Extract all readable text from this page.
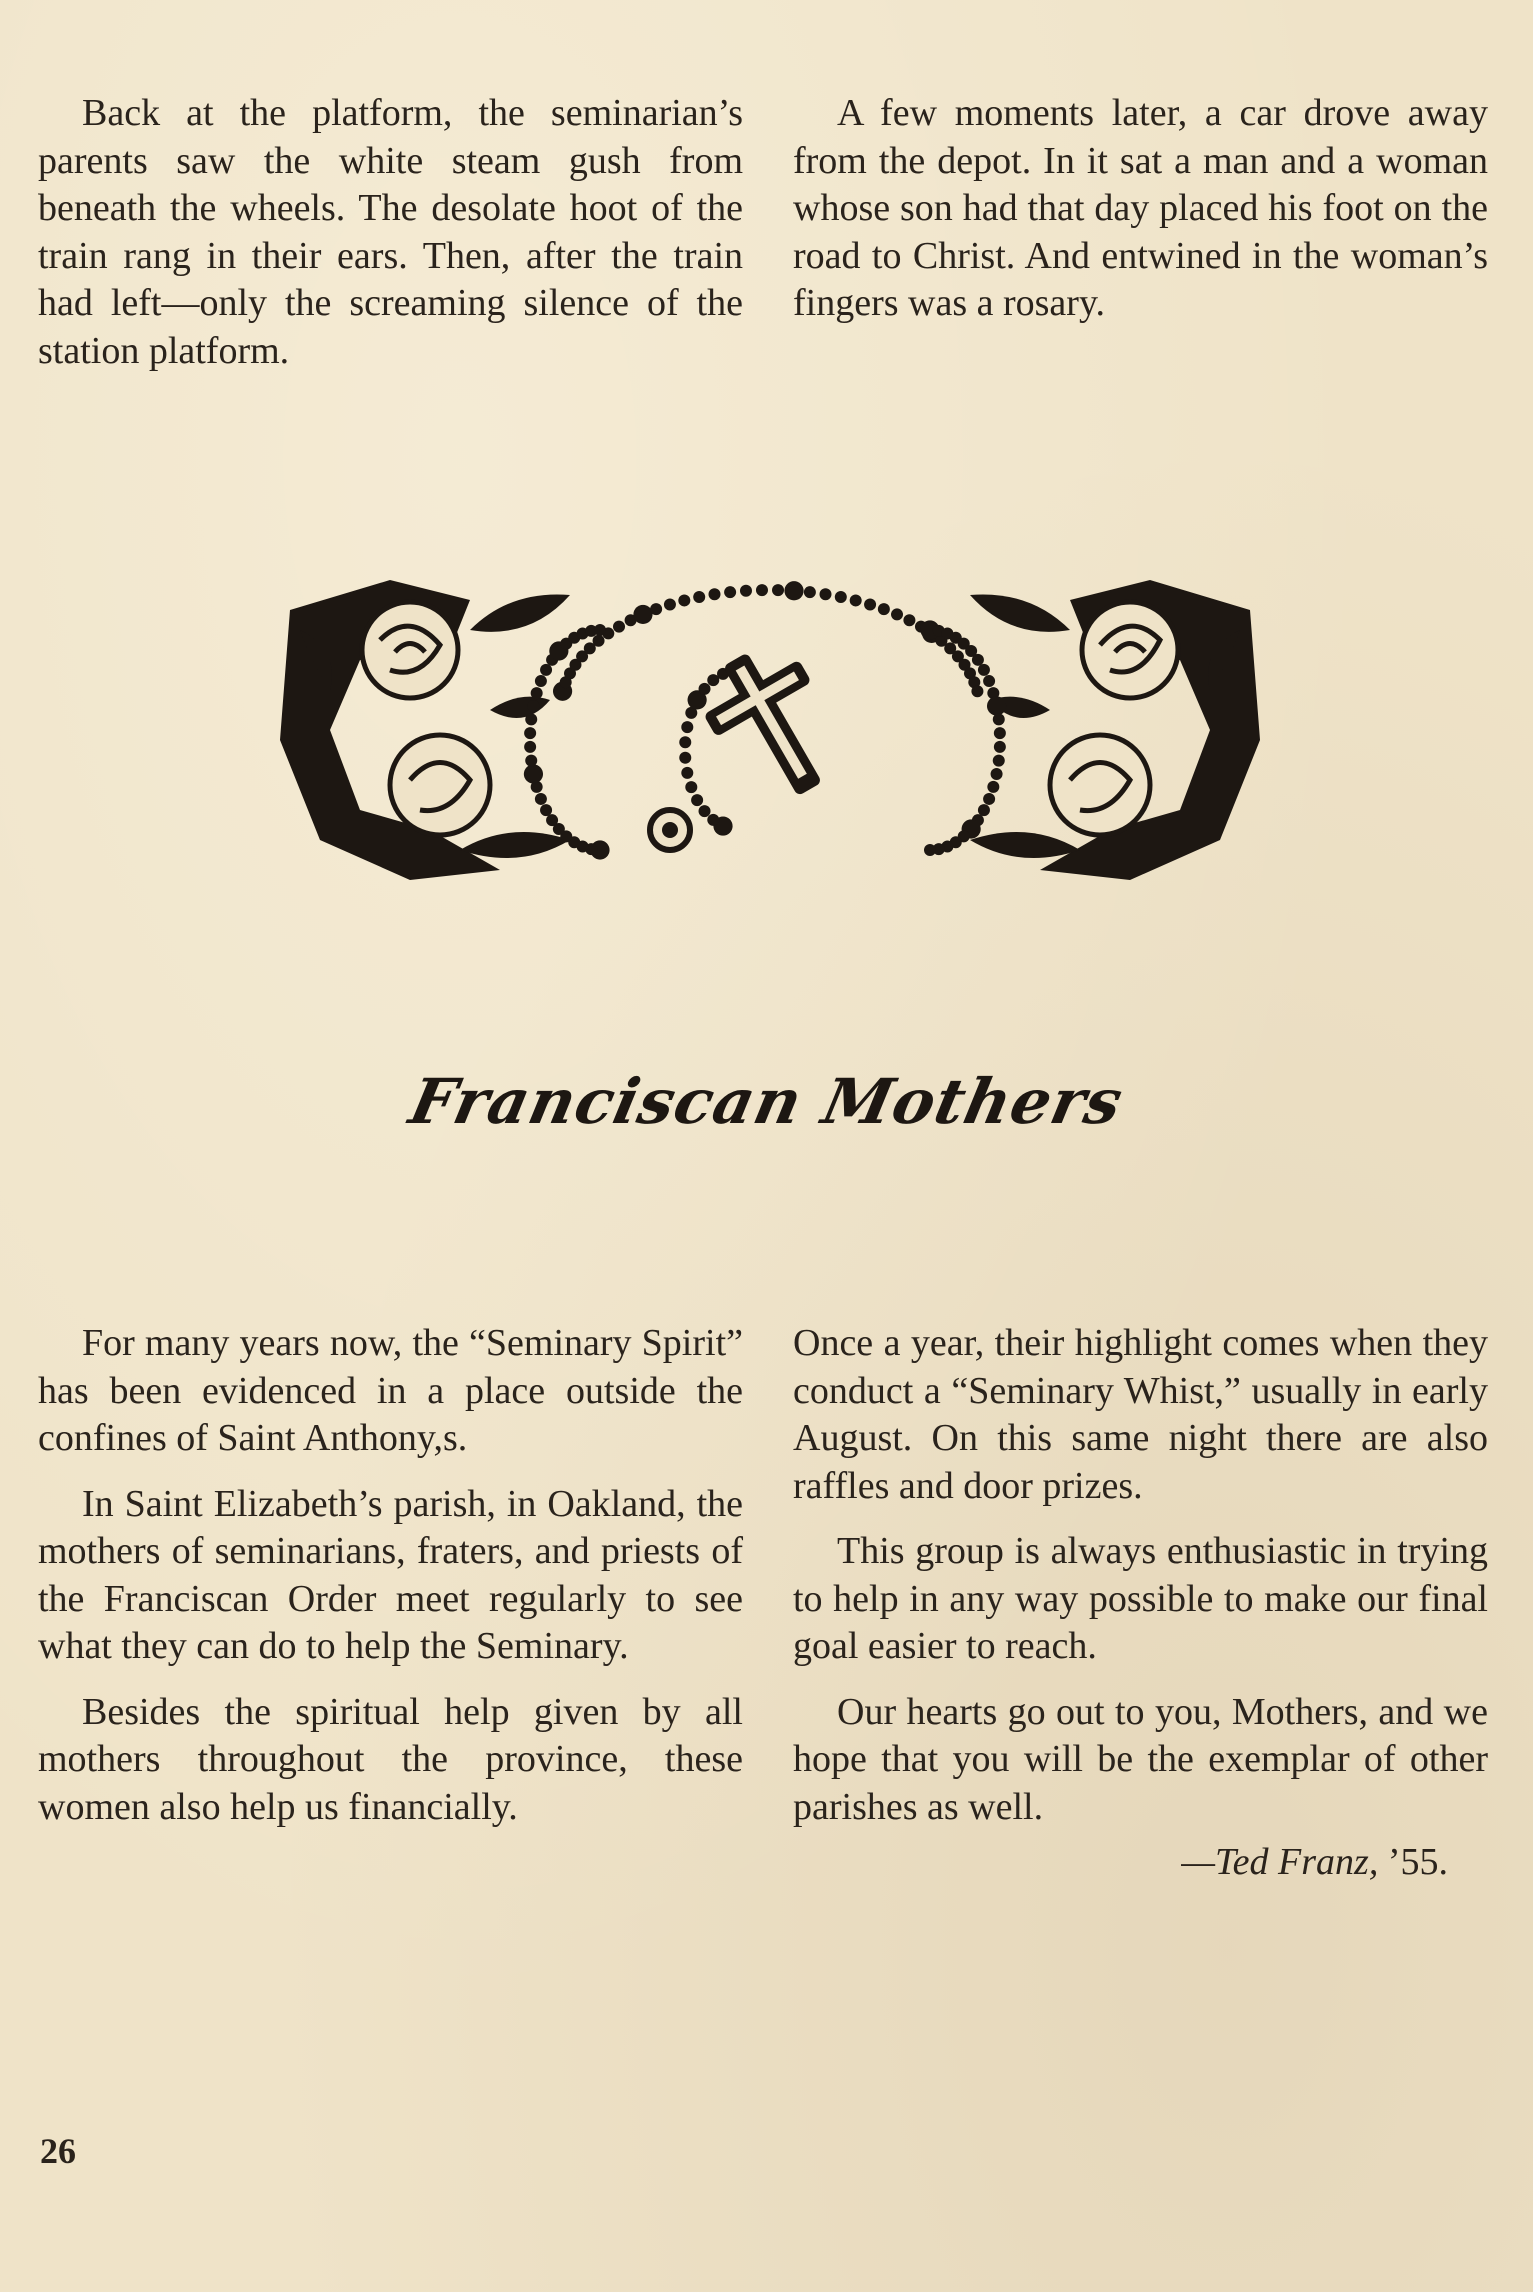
Back at the platform, the seminarian’s parents saw the white steam gush from beneath the wheels. The desolate hoot of the train rang in their ears. Then, after the train had left—only the screaming silence of the station platform.

A few moments later, a car drove away from the depot. In it sat a man and a woman whose son had that day placed his foot on the road to Christ. And entwined in the woman’s fingers was a rosary.

Franciscan Mothers

For many years now, the “Seminary Spirit” has been evidenced in a place outside the confines of Saint Anthony,s.

In Saint Elizabeth’s parish, in Oakland, the mothers of seminarians, fraters, and priests of the Franciscan Order meet regularly to see what they can do to help the Seminary.

Besides the spiritual help given by all mothers throughout the province, these women also help us financially.

Once a year, their highlight comes when they conduct a “Seminary Whist,” usually in early August. On this same night there are also raffles and door prizes.

This group is always enthusiastic in trying to help in any way possible to make our final goal easier to reach.

Our hearts go out to you, Mothers, and we hope that you will be the exemplar of other parishes as well.

—Ted Franz, ’55.

26
